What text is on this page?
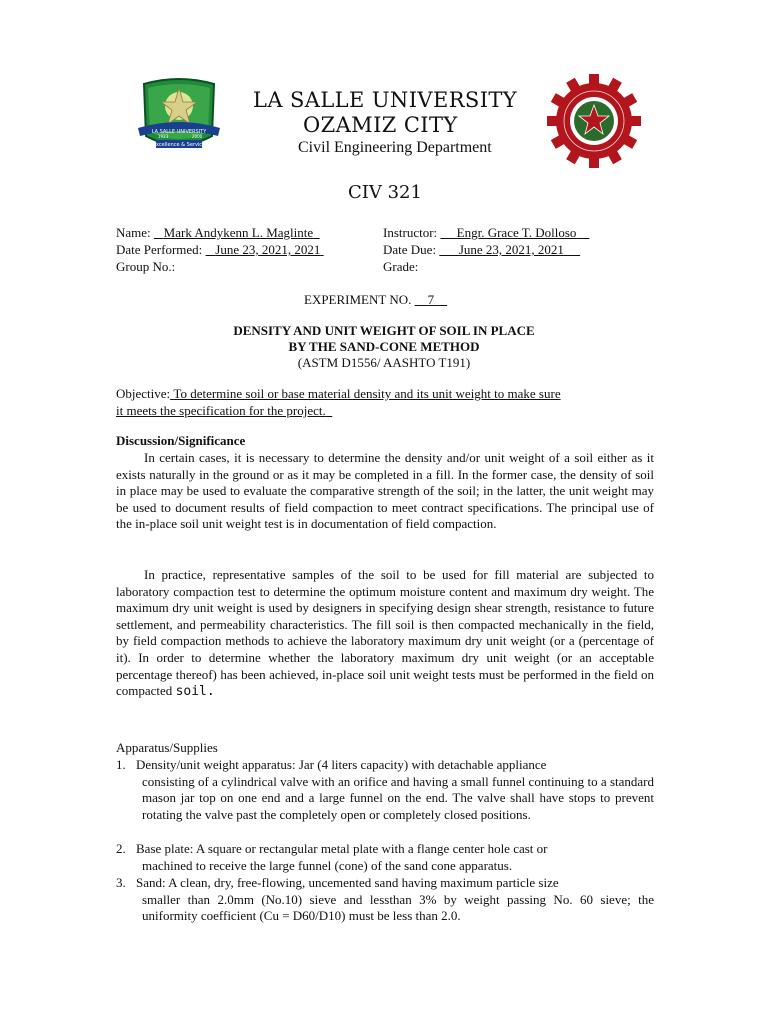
LA SALLE UNIVERSITY
Excellence & Service
1923	2000
LA SALLE UNIVERSITY
OZAMIZ CITY
Civil Engineering Department
CIV 321
Name: Mark Andykenn L. Maglinte	Instructor: Engr. Grace T. Dolloso
Date Performed: June 23, 2021, 2021	Date Due: June 23, 2021, 2021
Group No.:	Grade:
EXPERIMENT NO. 7
DENSITY AND UNIT WEIGHT OF SOIL IN PLACE
BY THE SAND-CONE METHOD
(ASTM D1556/ AASHTO T191)
Objective: To determine soil or base material density and its unit weight to make sure
it meets the specification for the project.
Discussion/Significance
In certain cases, it is necessary to determine the density and/or unit weight of a soil either as it exists naturally in the ground or as it may be completed in a fill. In the former case, the density of soil in place may be used to evaluate the comparative strength of the soil; in the latter, the unit weight may be used to document results of field compaction to meet contract specifications. The principal use of the in-place soil unit weight test is in documentation of field compaction.
In practice, representative samples of the soil to be used for fill material are subjected to laboratory compaction test to determine the optimum moisture content and maximum dry weight. The maximum dry unit weight is used by designers in specifying design shear strength, resistance to future settlement, and permeability characteristics. The fill soil is then compacted mechanically in the field, by field compaction methods to achieve the laboratory maximum dry unit weight (or a (percentage of it). In order to determine whether the laboratory maximum dry unit weight (or an acceptable percentage thereof) has been achieved, in-place soil unit weight tests must be performed in the field on compacted soil.
Apparatus/Supplies
1. Density/unit weight apparatus: Jar (4 liters capacity) with detachable appliance
consisting of a cylindrical valve with an orifice and having a small funnel continuing to a standard mason jar top on one end and a large funnel on the end. The valve shall have stops to prevent rotating the valve past the completely open or completely closed positions.
2. Base plate: A square or rectangular metal plate with a flange center hole cast or
machined to receive the large funnel (cone) of the sand cone apparatus.
3. Sand: A clean, dry, free-flowing, uncemented sand having maximum particle size
smaller than 2.0mm (No.10) sieve and lessthan 3% by weight passing No. 60 sieve; the uniformity coefficient (Cu = D60/D10) must be less than 2.0.
